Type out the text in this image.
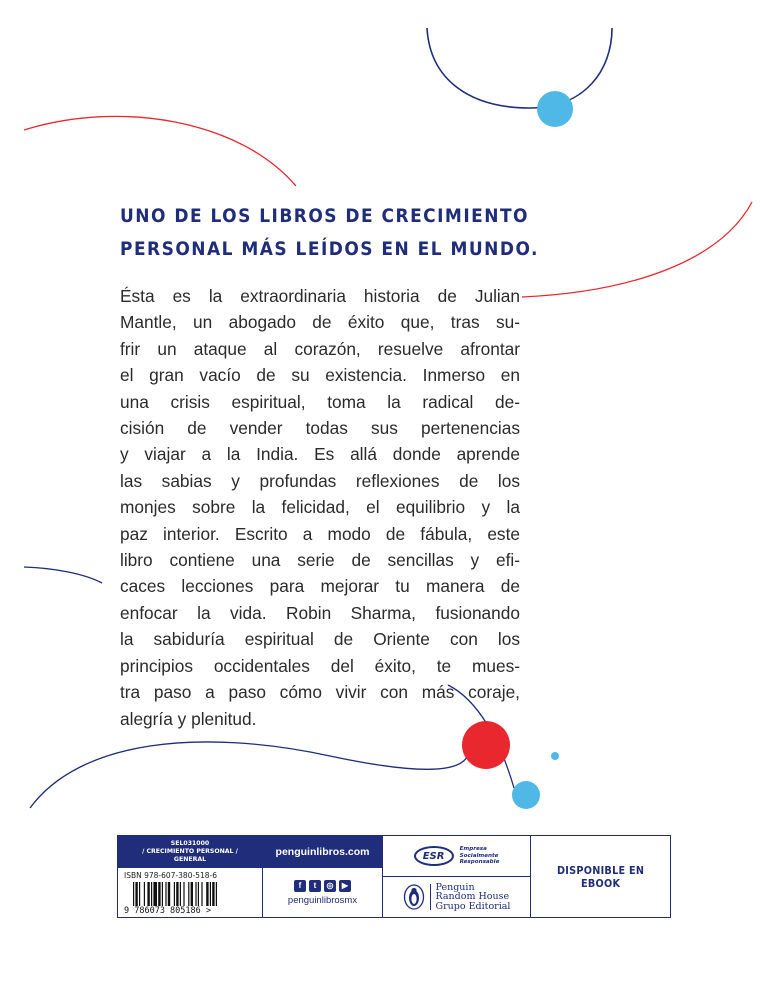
UNO DE LOS LIBROS DE CRECIMIENTO
PERSONAL MÁS LEÍDOS EN EL MUNDO.
Ésta es la extraordinaria historia de Julian
Mantle, un abogado de éxito que, tras su-
frir un ataque al corazón, resuelve afrontar
el gran vacío de su existencia. Inmerso en
una crisis espiritual, toma la radical de-
cisión de vender todas sus pertenencias
y viajar a la India. Es allá donde aprende
las sabias y profundas reflexiones de los
monjes sobre la felicidad, el equilibrio y la
paz interior. Escrito a modo de fábula, este
libro contiene una serie de sencillas y efi-
caces lecciones para mejorar tu manera de
enfocar la vida. Robin Sharma, fusionando
la sabiduría espiritual de Oriente con los
principios occidentales del éxito, te mues-
tra paso a paso cómo vivir con más coraje,
alegría y plenitud.
SEL031000
/ CRECIMIENTO PERSONAL /
GENERAL
ISBN 978-607-380-518-6
9 786073 805186 >
penguinlibros.com
f	t	◎	▶
penguinlibrosmx
ESR
Empresa
Socialmente
Responsable
Penguin
Random House
Grupo Editorial
DISPONIBLE EN
EBOOK
